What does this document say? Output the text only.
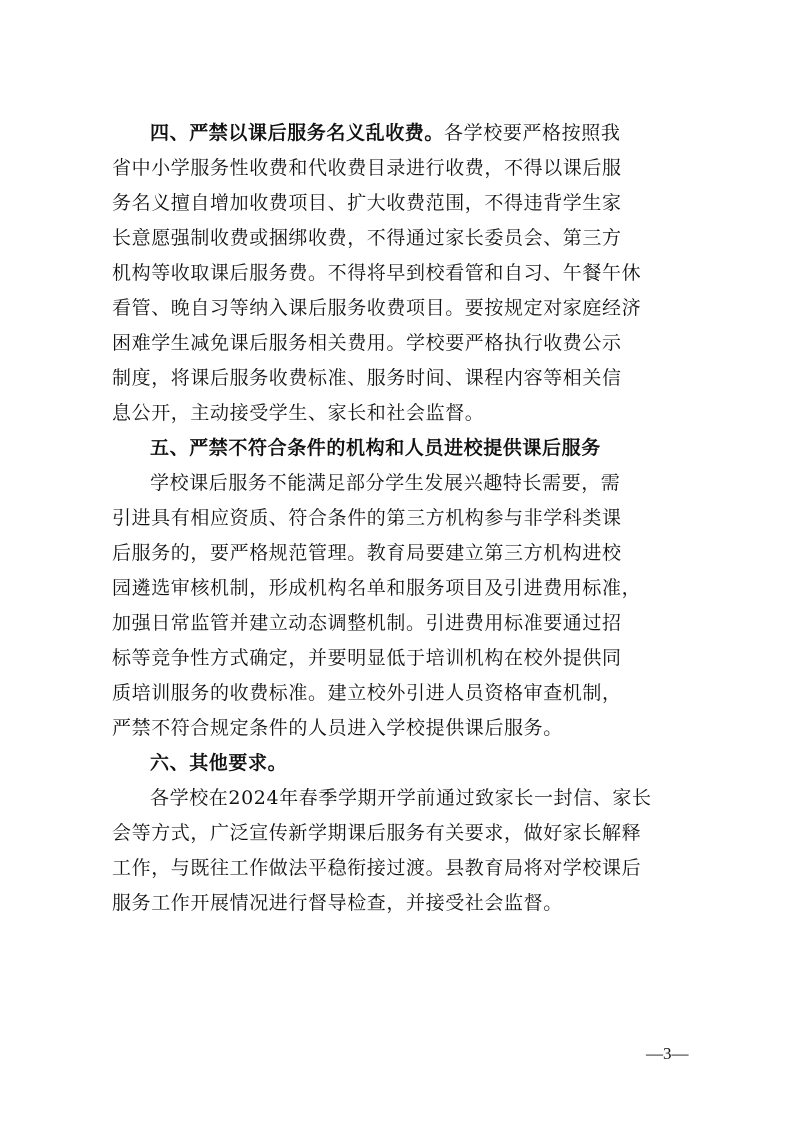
四、严禁以课后服务名义乱收费。各学校要严格按照我
省中小学服务性收费和代收费目录进行收费，不得以课后服
务名义擅自增加收费项目、扩大收费范围，不得违背学生家
长意愿强制收费或捆绑收费，不得通过家长委员会、第三方
机构等收取课后服务费。不得将早到校看管和自习、午餐午休
看管、晚自习等纳入课后服务收费项目。要按规定对家庭经济
困难学生减免课后服务相关费用。学校要严格执行收费公示
制度，将课后服务收费标准、服务时间、课程内容等相关信
息公开，主动接受学生、家长和社会监督。
五、严禁不符合条件的机构和人员进校提供课后服务
学校课后服务不能满足部分学生发展兴趣特长需要，需
引进具有相应资质、符合条件的第三方机构参与非学科类课
后服务的，要严格规范管理。教育局要建立第三方机构进校
园遴选审核机制，形成机构名单和服务项目及引进费用标准，
加强日常监管并建立动态调整机制。引进费用标准要通过招
标等竞争性方式确定，并要明显低于培训机构在校外提供同
质培训服务的收费标准。建立校外引进人员资格审查机制，
严禁不符合规定条件的人员进入学校提供课后服务。
六、其他要求。
各学校在2024年春季学期开学前通过致家长一封信、家长
会等方式，广泛宣传新学期课后服务有关要求，做好家长解释
工作，与既往工作做法平稳衔接过渡。县教育局将对学校课后
服务工作开展情况进行督导检查，并接受社会监督。
—3—
